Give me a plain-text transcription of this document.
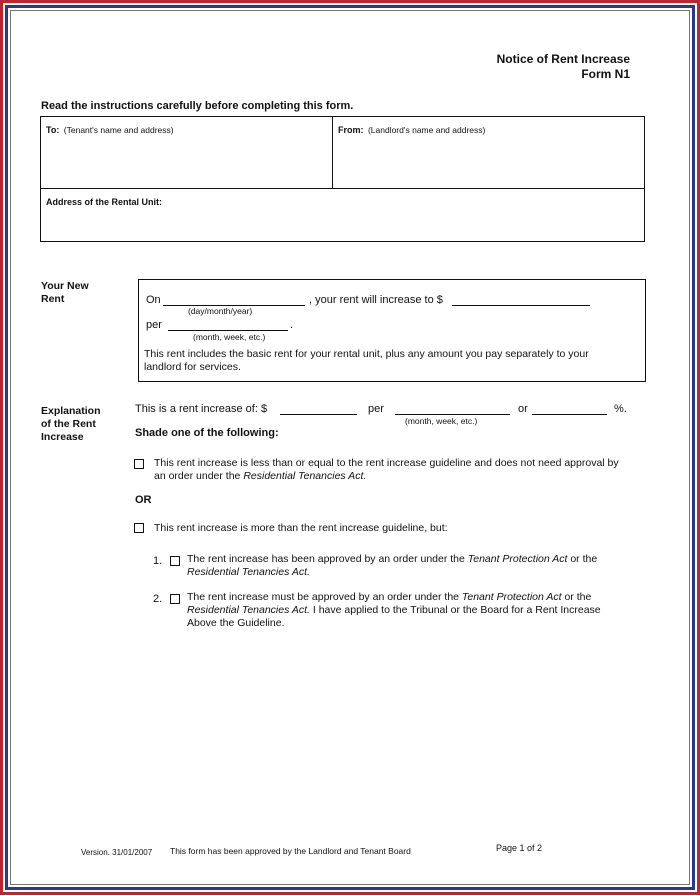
Notice of Rent Increase
Form N1
Read the instructions carefully before completing this form.
To: (Tenant's name and address)	From: (Landlord's name and address)
Address of the Rental Unit:
Your New
Rent	On
(day/month/year)
, your rent will increase to $
per	.
(month, week, etc.)
This rent includes the basic rent for your rental unit, plus any amount you pay separately to your
landlord for services.
Explanation
of the Rent
Increase
This is a rent increase of: $	per
(month, week, etc.)
or	%.
Shade one of the following:
This rent increase is less than or equal to the rent increase guideline and does not need approval by
an order under the Residential Tenancies Act.
OR
This rent increase is more than the rent increase guideline, but:
1. The rent increase has been approved by an order under the Tenant Protection Act or the
Residential Tenancies Act.
2. The rent increase must be approved by an order under the Tenant Protection Act or the
Residential Tenancies Act. I have applied to the Tribunal or the Board for a Rent Increase
Above the Guideline.
Version. 31/01/2007 This form has been approved by the Landlord and Tenant Board	Page 1 of 2
